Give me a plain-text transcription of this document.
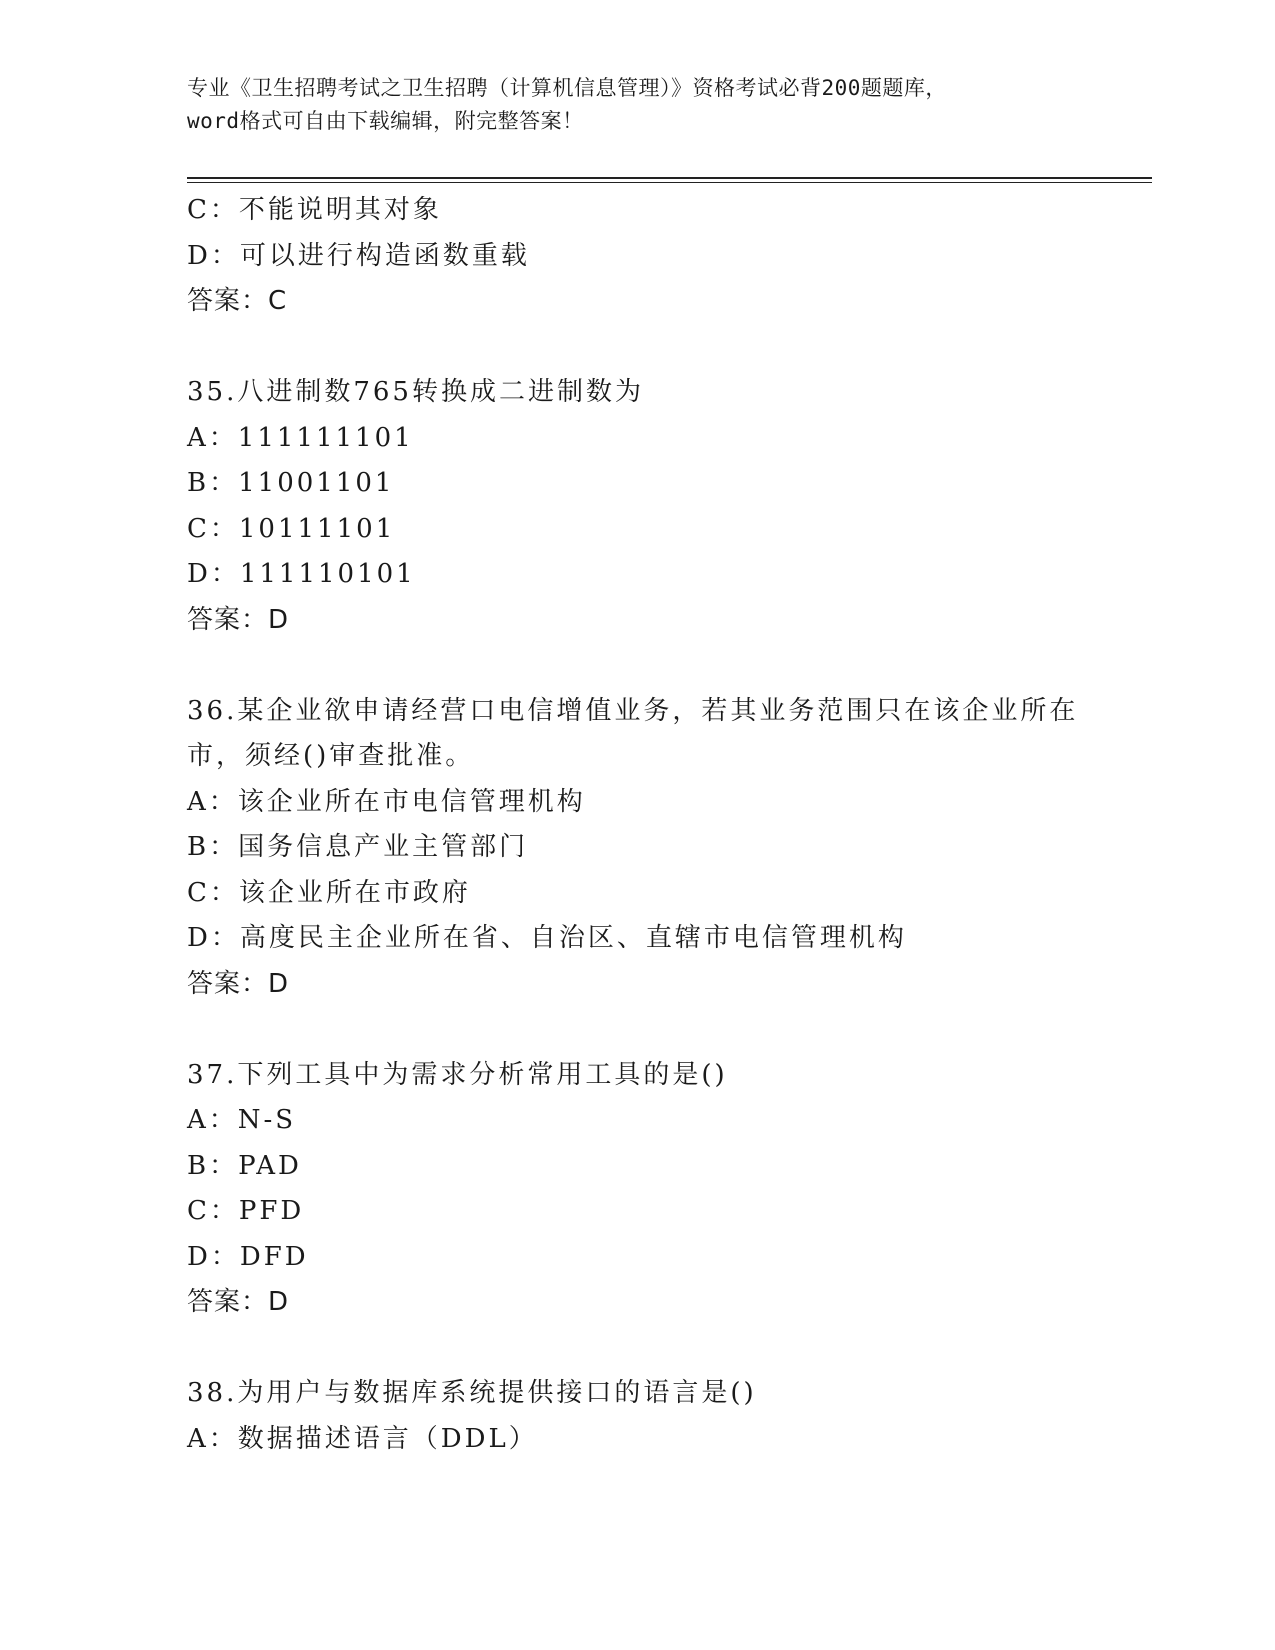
专业《卫生招聘考试之卫生招聘（计算机信息管理）》资格考试必背200题题库，
word格式可自由下载编辑，附完整答案！
C：不能说明其对象
D：可以进行构造函数重载
答案：C
35.八进制数765转换成二进制数为
A：111111101
B：11001101
C：10111101
D：111110101
答案：D
36.某企业欲申请经营口电信增值业务，若其业务范围只在该企业所在
市，须经()审查批准。
A：该企业所在市电信管理机构
B：国务信息产业主管部门
C：该企业所在市政府
D：高度民主企业所在省、自治区、直辖市电信管理机构
答案：D
37.下列工具中为需求分析常用工具的是()
A：N-S
B：PAD
C：PFD
D：DFD
答案：D
38.为用户与数据库系统提供接口的语言是()
A：数据描述语言（DDL）
